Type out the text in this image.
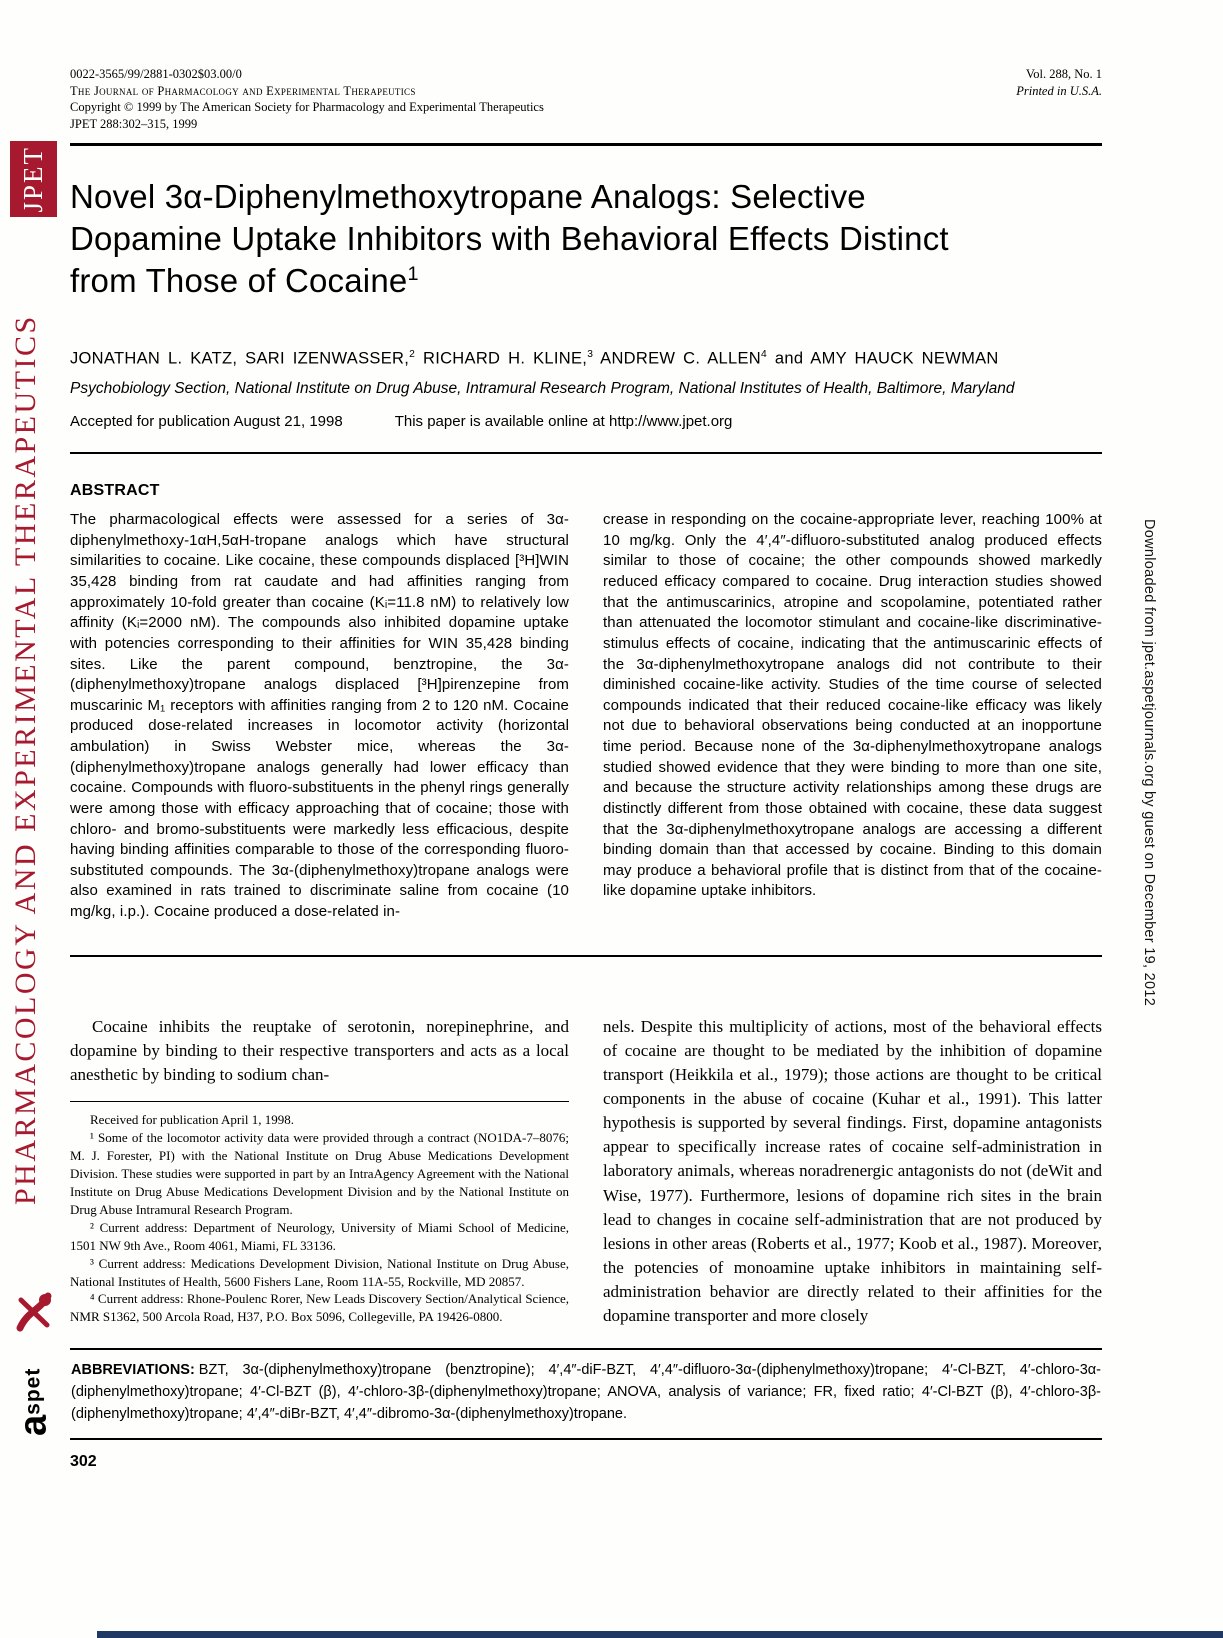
JPET
PHARMACOLOGY AND EXPERIMENTAL THERAPEUTICS
aspet
Downloaded from jpet.aspetjournals.org by guest on December 19, 2012
0022-3565/99/2881-0302$03.00/0
The Journal of Pharmacology and Experimental Therapeutics
Copyright © 1999 by The American Society for Pharmacology and Experimental Therapeutics
JPET 288:302–315, 1999
Vol. 288, No. 1
Printed in U.S.A.
Novel 3α-Diphenylmethoxytropane Analogs: Selective
Dopamine Uptake Inhibitors with Behavioral Effects Distinct
from Those of Cocaine$^1$
JONATHAN L. KATZ, SARI IZENWASSER,$^2$ RICHARD H. KLINE,$^3$ ANDREW C. ALLEN$^4$ and AMY HAUCK NEWMAN
Psychobiology Section, National Institute on Drug Abuse, Intramural Research Program, National Institutes of Health, Baltimore, Maryland
Accepted for publication August 21, 1998	This paper is available online at http://www.jpet.org
ABSTRACT

The pharmacological effects were assessed for a series of 3α-diphenylmethoxy-1αH,5αH-tropane analogs which have structural similarities to cocaine. Like cocaine, these compounds displaced [³H]WIN 35,428 binding from rat caudate and had affinities ranging from approximately 10-fold greater than cocaine (Kᵢ=11.8 nM) to relatively low affinity (Kᵢ=2000 nM). The compounds also inhibited dopamine uptake with potencies corresponding to their affinities for WIN 35,428 binding sites. Like the parent compound, benztropine, the 3α-(diphenylmethoxy)tropane analogs displaced [³H]pirenzepine from muscarinic M₁ receptors with affinities ranging from 2 to 120 nM. Cocaine produced dose-related increases in locomotor activity (horizontal ambulation) in Swiss Webster mice, whereas the 3α-(diphenylmethoxy)tropane analogs generally had lower efficacy than cocaine. Compounds with fluoro-substituents in the phenyl rings generally were among those with efficacy approaching that of cocaine; those with chloro- and bromo-substituents were markedly less efficacious, despite having binding affinities comparable to those of the corresponding fluoro-substituted compounds. The 3α-(diphenylmethoxy)tropane analogs were also examined in rats trained to discriminate saline from cocaine (10 mg/kg, i.p.). Cocaine produced a dose-related in-

crease in responding on the cocaine-appropriate lever, reaching 100% at 10 mg/kg. Only the 4′,4″-difluoro-substituted analog produced effects similar to those of cocaine; the other compounds showed markedly reduced efficacy compared to cocaine. Drug interaction studies showed that the antimuscarinics, atropine and scopolamine, potentiated rather than attenuated the locomotor stimulant and cocaine-like discriminative-stimulus effects of cocaine, indicating that the antimuscarinic effects of the 3α-diphenylmethoxytropane analogs did not contribute to their diminished cocaine-like activity. Studies of the time course of selected compounds indicated that their reduced cocaine-like efficacy was likely not due to behavioral observations being conducted at an inopportune time period. Because none of the 3α-diphenylmethoxytropane analogs studied showed evidence that they were binding to more than one site, and because the structure activity relationships among these drugs are distinctly different from those obtained with cocaine, these data suggest that the 3α-diphenylmethoxytropane analogs are accessing a different binding domain than that accessed by cocaine. Binding to this domain may produce a behavioral profile that is distinct from that of the cocaine-like dopamine uptake inhibitors.

Cocaine inhibits the reuptake of serotonin, norepinephrine, and dopamine by binding to their respective transporters and acts as a local anesthetic by binding to sodium chan-

Received for publication April 1, 1998.

¹ Some of the locomotor activity data were provided through a contract (NO1DA-7–8076; M. J. Forester, PI) with the National Institute on Drug Abuse Medications Development Division. These studies were supported in part by an IntraAgency Agreement with the National Institute on Drug Abuse Medications Development Division and by the National Institute on Drug Abuse Intramural Research Program.

² Current address: Department of Neurology, University of Miami School of Medicine, 1501 NW 9th Ave., Room 4061, Miami, FL 33136.

³ Current address: Medications Development Division, National Institute on Drug Abuse, National Institutes of Health, 5600 Fishers Lane, Room 11A-55, Rockville, MD 20857.

⁴ Current address: Rhone-Poulenc Rorer, New Leads Discovery Section/Analytical Science, NMR S1362, 500 Arcola Road, H37, P.O. Box 5096, Collegeville, PA 19426-0800.

nels. Despite this multiplicity of actions, most of the behavioral effects of cocaine are thought to be mediated by the inhibition of dopamine transport (Heikkila et al., 1979); those actions are thought to be critical components in the abuse of cocaine (Kuhar et al., 1991). This latter hypothesis is supported by several findings. First, dopamine antagonists appear to specifically increase rates of cocaine self-administration in laboratory animals, whereas noradrenergic antagonists do not (deWit and Wise, 1977). Furthermore, lesions of dopamine rich sites in the brain lead to changes in cocaine self-administration that are not produced by lesions in other areas (Roberts et al., 1977; Koob et al., 1987). Moreover, the potencies of monoamine uptake inhibitors in maintaining self-administration behavior are directly related to their affinities for the dopamine transporter and more closely

ABBREVIATIONS: BZT, 3α-(diphenylmethoxy)tropane (benztropine); 4′,4″-diF-BZT, 4′,4″-difluoro-3α-(diphenylmethoxy)tropane; 4′-Cl-BZT, 4′-chloro-3α-(diphenylmethoxy)tropane; 4′-Cl-BZT (β), 4′-chloro-3β-(diphenylmethoxy)tropane; ANOVA, analysis of variance; FR, fixed ratio; 4′-Cl-BZT (β), 4′-chloro-3β-(diphenylmethoxy)tropane; 4′,4″-diBr-BZT, 4′,4″-dibromo-3α-(diphenylmethoxy)tropane.

302
